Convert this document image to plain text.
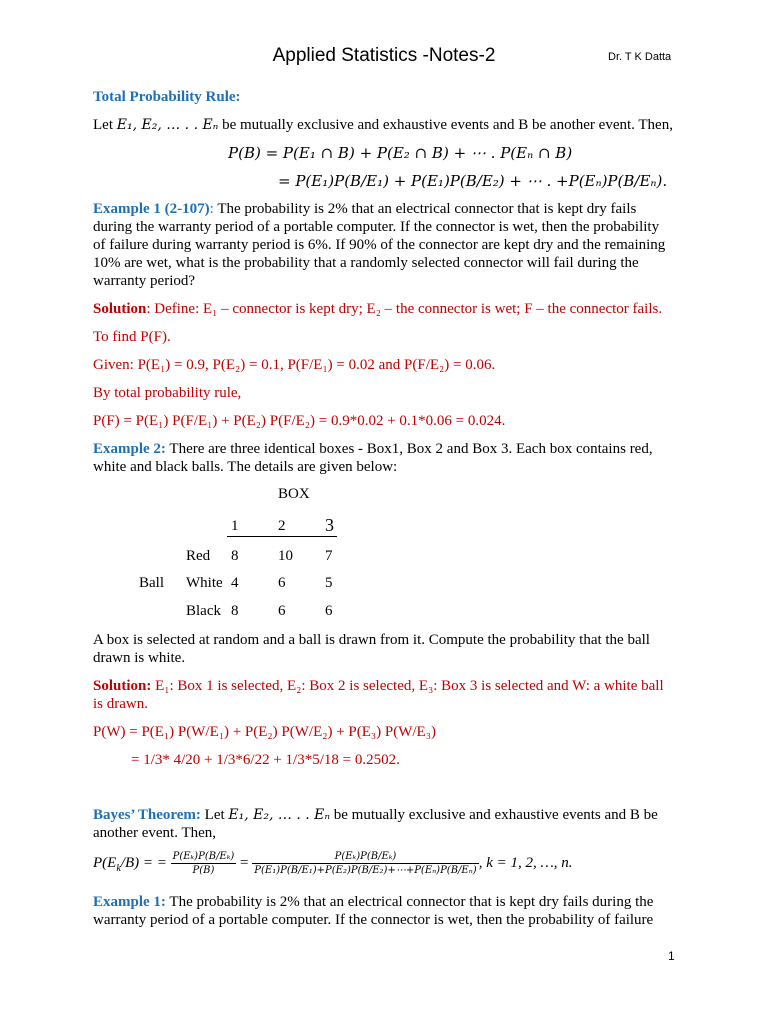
Applied Statistics -Notes-2	Dr. T K Datta
Total Probability Rule:
Let E₁, E₂, … . . Eₙ be mutually exclusive and exhaustive events and B be another event. Then,
P(B) = P(E₁ ∩ B) + P(E₂ ∩ B) + ⋯ . P(Eₙ ∩ B)
= P(E₁)P(B/E₁) + P(E₁)P(B/E₂) + ⋯ . +P(Eₙ)P(B/Eₙ).
Example 1 (2-107): The probability is 2% that an electrical connector that is kept dry fails
during the warranty period of a portable computer. If the connector is wet, then the probability
of failure during warranty period is 6%. If 90% of the connector are kept dry and the remaining
10% are wet, what is the probability that a randomly selected connector will fail during the
warranty period?
Solution: Define: E₁ – connector is kept dry; E₂ – the connector is wet; F – the connector fails.
To find P(F).
Given: P(E₁) = 0.9, P(E₂) = 0.1, P(F/E₁) = 0.02 and P(F/E₂) = 0.06.
By total probability rule,
P(F) = P(E₁) P(F/E₁) + P(E₂) P(F/E₂) = 0.9*0.02 + 0.1*0.06 = 0.024.
Example 2: There are three identical boxes - Box1, Box 2 and Box 3. Each box contains red,
white and black balls. The details are given below:
BOX
1	2 3
Ball
Red 8	10 7
White 4	6	5
Black 8	6	6
A box is selected at random and a ball is drawn from it. Compute the probability that the ball
drawn is white.
Solution: E₁: Box 1 is selected, E₂: Box 2 is selected, E₃: Box 3 is selected and W: a white ball
is drawn.
P(W) = P(E₁) P(W/E₁) + P(E₂) P(W/E₂) + P(E₃) P(W/E₃)
= 1/3* 4/20 + 1/3*6/22 + 1/3*5/18 = 0.2502.
Bayes’ Theorem: Let E₁, E₂, … . . Eₙ be mutually exclusive and exhaustive events and B be
another event. Then,
$P(E_k/B)$ = = $\frac{\text{P(Eₖ)P(B/Eₖ)}}{P(B)} = \frac{\text{P(Eₖ)P(B/Eₖ)}}{\text{P(E₁)P(B/E₁)+P(E₂)P(B/E₂)+⋯+P(Eₙ)P(B/Eₙ)}}$ , k = 1, 2, …, n.
Example 1: The probability is 2% that an electrical connector that is kept dry fails during the
warranty period of a portable computer. If the connector is wet, then the probability of failure
1
